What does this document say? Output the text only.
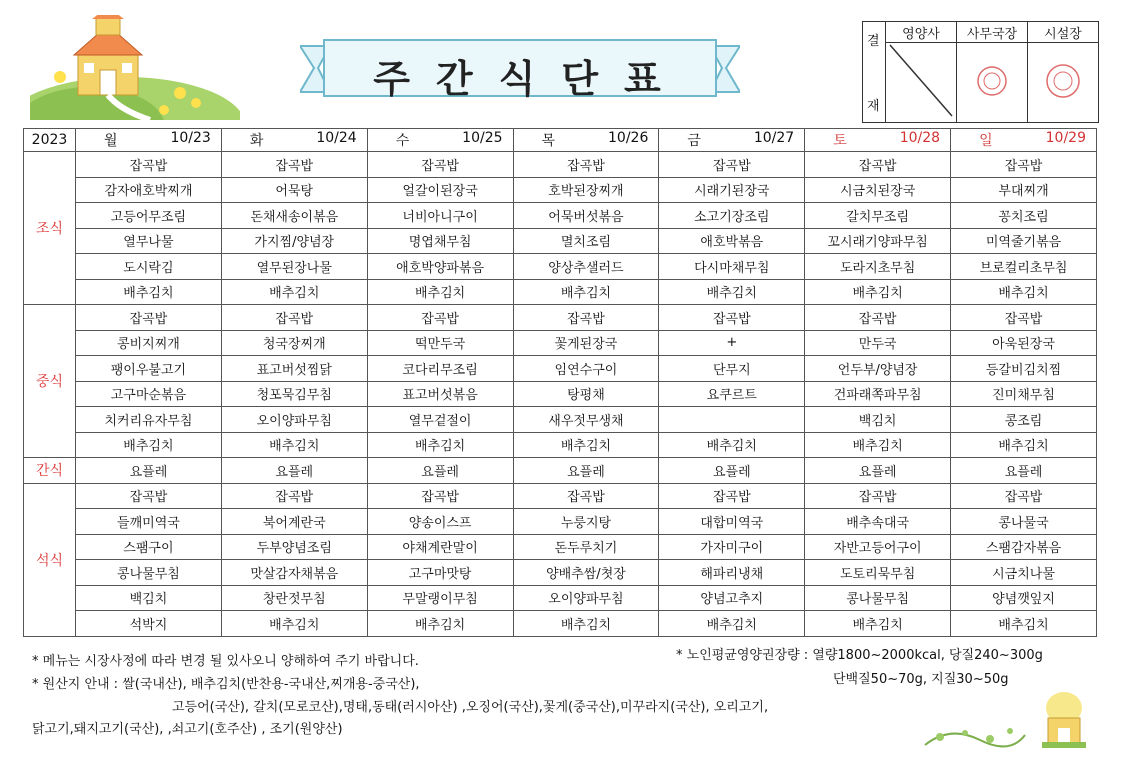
주간식단표
결
재	영양사	사무국장	시설장

2023	월 10/23	화 10/24	수 10/25	목 10/26	금 10/27	토 10/28	일 10/29

조식	잡곡밥	잡곡밥	잡곡밥	잡곡밥	잡곡밥	잡곡밥	잡곡밥
	감자애호박찌개	어묵탕	얼갈이된장국	호박된장찌개	시래기된장국	시금치된장국	부대찌개
	고등어무조림	돈채새송이볶음	너비아니구이	어묵버섯볶음	소고기장조림	갈치무조림	꽁치조림
	열무나물	가지찜/양념장	명엽채무침	멸치조림	애호박볶음	꼬시래기양파무침	미역줄기볶음
	도시락김	열무된장나물	애호박양파볶음	양상추샐러드	다시마채무침	도라지초무침	브로컬리초무침
	배추김치	배추김치	배추김치	배추김치	배추김치	배추김치	배추김치
중식	잡곡밥	잡곡밥	잡곡밥	잡곡밥	잡곡밥	잡곡밥	잡곡밥
	콩비지찌개	청국장찌개	떡만두국	꽃게된장국	+	만두국	아욱된장국
	팽이우불고기	표고버섯찜닭	코다리무조림	임연수구이	단무지	언두부/양념장	등갈비김치찜
	고구마순볶음	청포묵김무침	표고버섯볶음	탕평채	요쿠르트	건파래쪽파무침	진미채무침
	치커리유자무침	오이양파무침	열무겉절이	새우젓무생채		백김치	콩조림
	배추김치	배추김치	배추김치	배추김치	배추김치	배추김치	배추김치
간식	요플레	요플레	요플레	요플레	요플레	요플레	요플레
석식	잡곡밥	잡곡밥	잡곡밥	잡곡밥	잡곡밥	잡곡밥	잡곡밥
	들깨미역국	북어계란국	양송이스프	누룽지탕	대합미역국	배추속대국	콩나물국
	스팸구이	두부양념조림	야채계란말이	돈두루치기	가자미구이	자반고등어구이	스팸감자볶음
	콩나물무침	맛살감자채볶음	고구마맛탕	양배추쌈/쳣장	해파리냉채	도토리묵무침	시금치나물
	백김치	창란젓무침	무말랭이무침	오이양파무침	양념고추지	콩나물무침	양념깻잎지
	석박지	배추김치	배추김치	배추김치	배추김치	배추김치	배추김치
* 메뉴는 시장사정에 따라 변경 될 있사오니 양해하여 주기 바랍니다.
* 원산지 안내 : 쌀(국내산), 배추김치(반찬용-국내산,찌개용-중국산),
고등어(국산), 갈치(모로코산),명태,동태(러시아산) ,오징어(국산),꽃게(중국산),미꾸라지(국산), 오리고기,
닭고기,돼지고기(국산), ,쇠고기(호주산) , 조기(원양산)
* 노인평균영양권장량 : 열량1800~2000kcal, 당질240~300g
단백질50~70g, 지질30~50g
